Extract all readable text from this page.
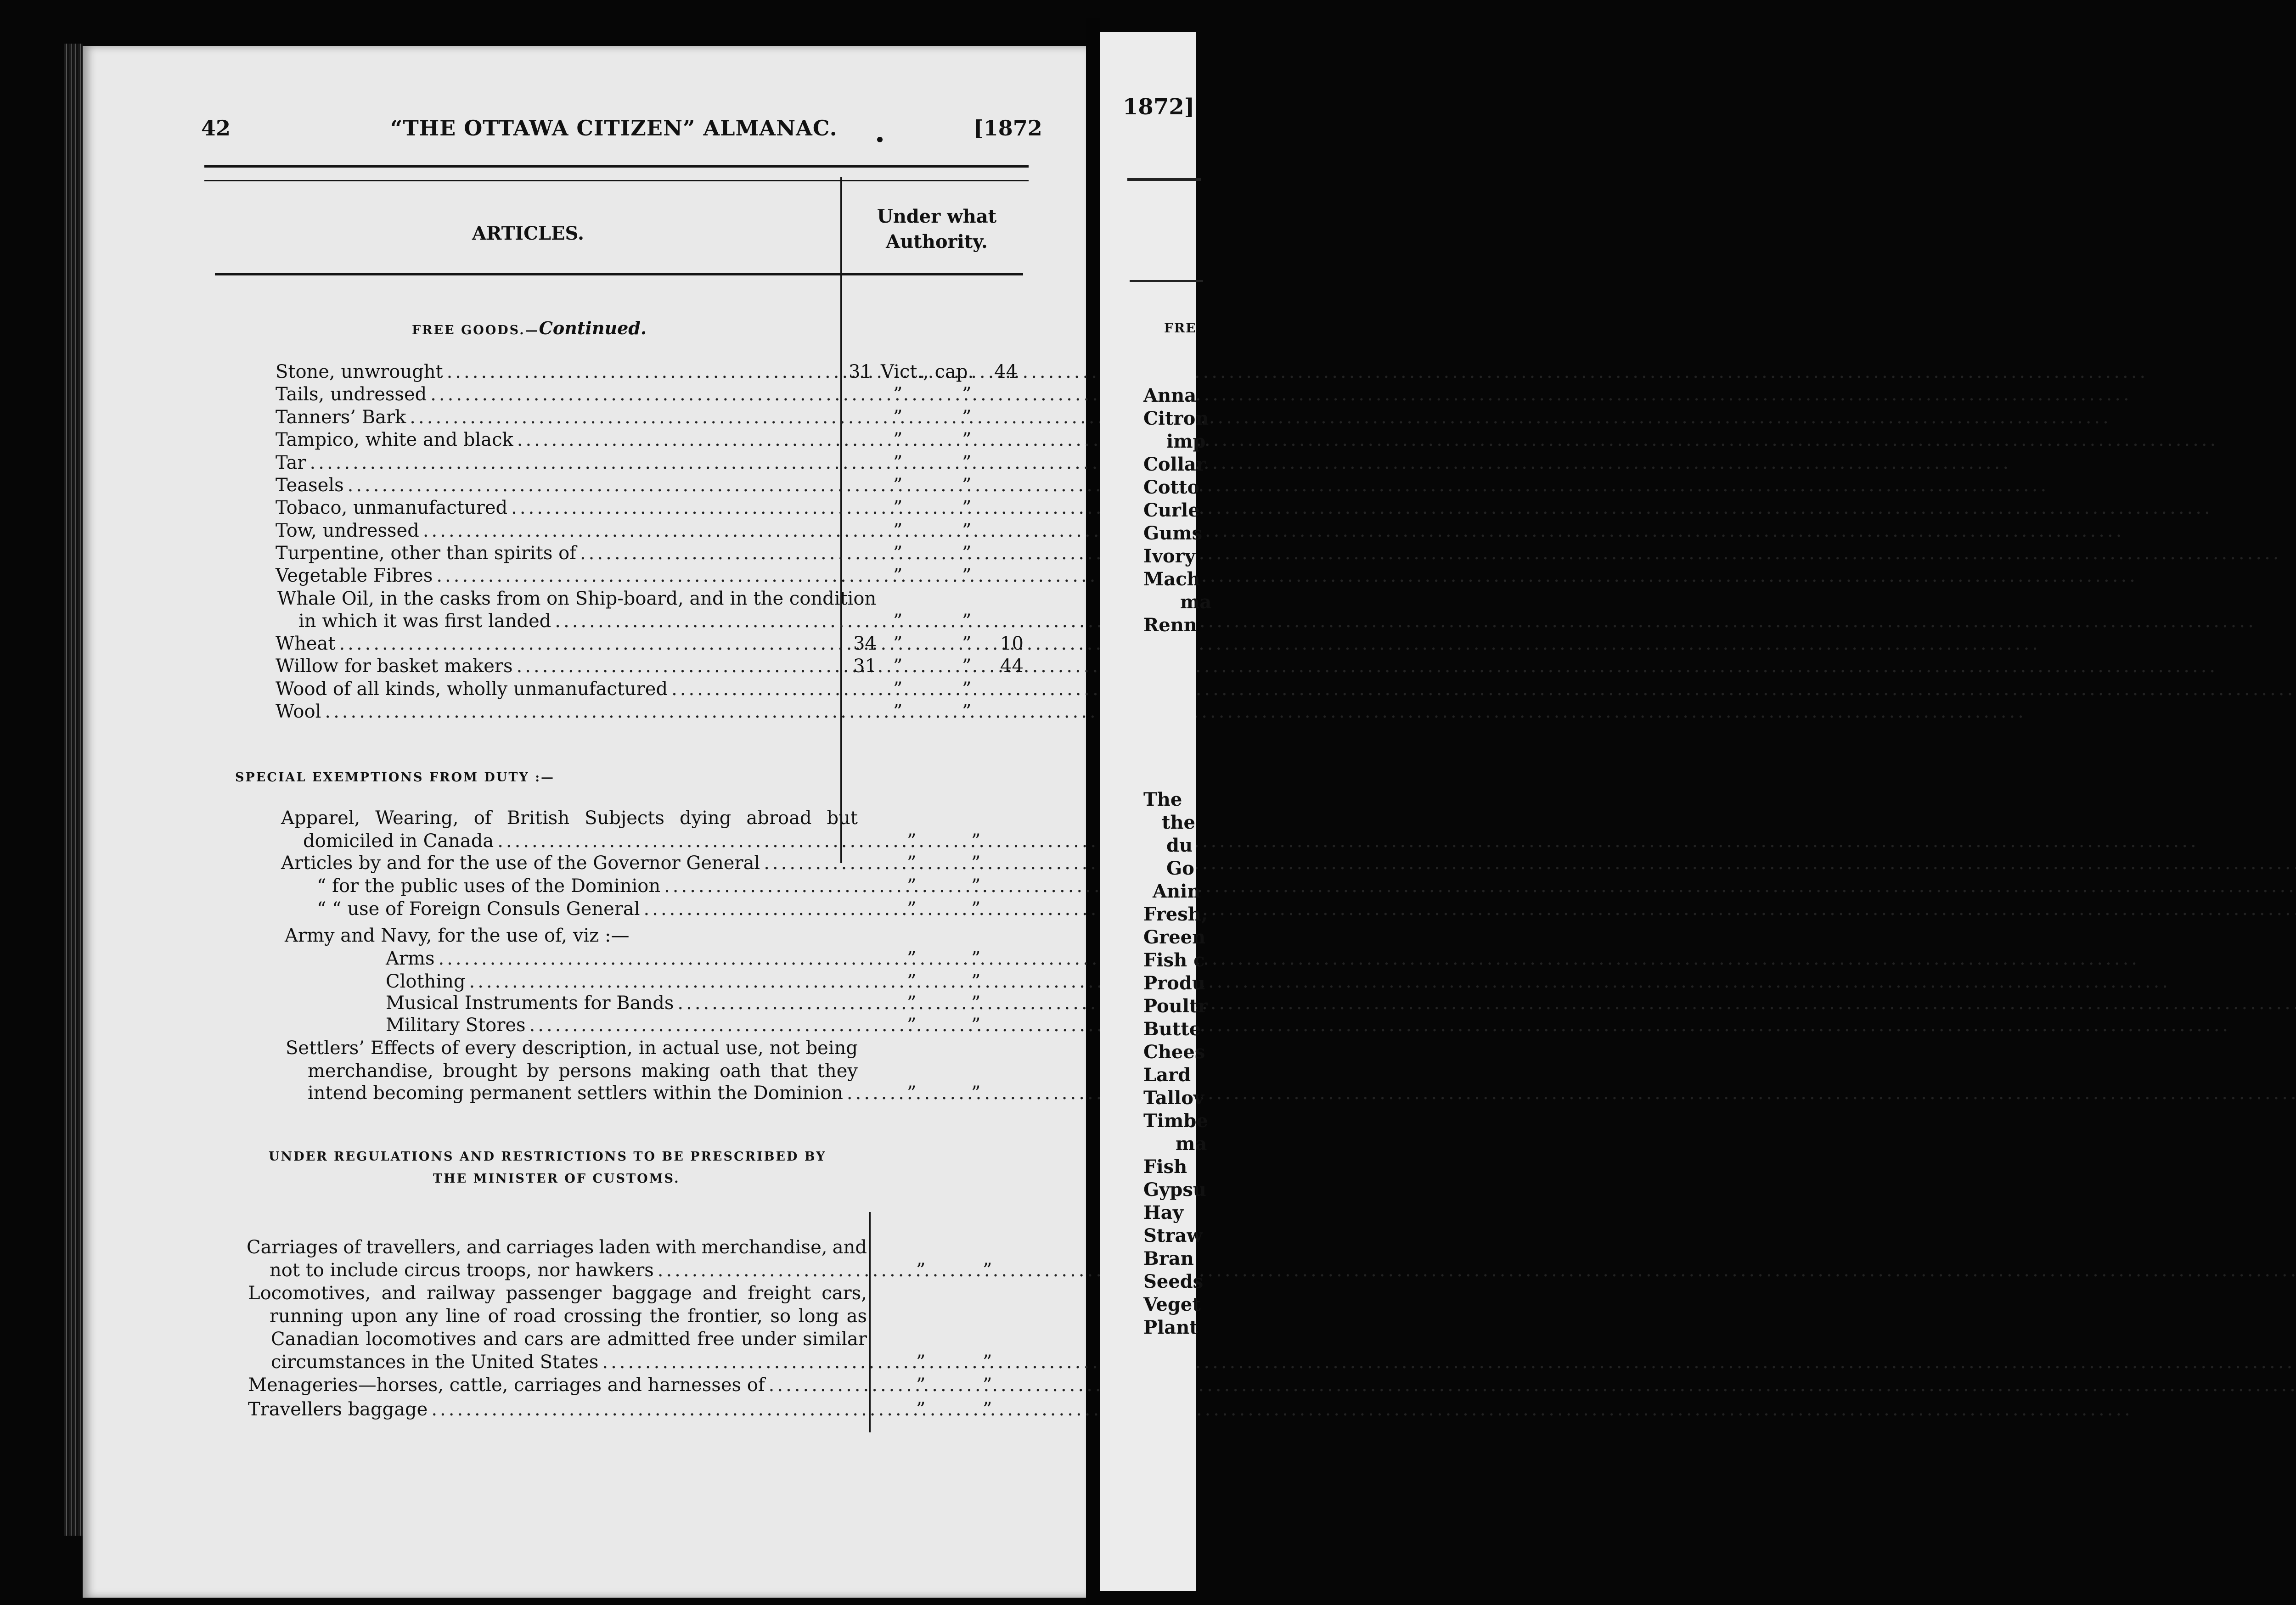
42	“THE OTTAWA CITIZEN” ALMANAC.	[1872
ARTICLES.
Under what
Authority.
FREE GOODS.—Continued.
Stone, unwrought .....	31 Vict., cap. 44
Tails, undressed .....	”	”
Tanners’ Bark .....	”	”
Tampico, white and black .....	”	”
Tar .....	”	”
Teasels .....	”	”
Tobaco, unmanufactured .....	”	”
Tow, undressed .....	”	”
Turpentine, other than spirits of .....	”	”
Vegetable Fibres .....	”	”
Whale Oil, in the casks from on Ship-board, and in the condition
in which it was first landed .....	”	”
Wheat .....	34 ”	” 10
Willow for basket makers .....	31 ”	” 44
Wood of all kinds, wholly unmanufactured .....	”	”
Wool .....	”	”
SPECIAL EXEMPTIONS FROM DUTY :—
Apparel, Wearing, of British Subjects dying abroad but
domiciled in Canada .....	”	”
Articles by and for the use of the Governor General .....	”	”
“ for the public uses of the Dominion .....	”	”
“ “ use of Foreign Consuls General .....	”	”
Army and Navy, for the use of, viz :—
Arms .....	”	”
Clothing .....	”	”
Musical Instruments for Bands .....	”	”
Military Stores .....	”	”
Settlers’ Effects of every description, in actual use, not being
merchandise, brought by persons making oath that they
intend becoming permanent settlers within the Dominion .....	”	”
UNDER REGULATIONS AND RESTRICTIONS TO BE PRESCRIBED BY
THE MINISTER OF CUSTOMS.
Carriages of travellers, and carriages laden with merchandise, and
not to include circus troops, nor hawkers .....	”	”
Locomotives, and railway passenger baggage and freight cars,
running upon any line of road crossing the frontier, so long as
Canadian locomotives and cars are admitted free under similar
circumstances in the United States .....	”	”
Menageries—horses, cattle, carriages and harnesses of .....	”	”
Travellers baggage .....	”	”
1872]
FRE
Anna
Citron
imp
Collar
Cotto
Curle
Gums
Ivory
Mach
ma
Renn
The
the
du
Go
Anin
Fresh,
Green
Fish c
Produ
Poultr
Butte
Chees
Lard
Tallov
Timbe
ma
Fish
Gypsu
Hay
Straw
Bran
Seeds
Veget
Plant
